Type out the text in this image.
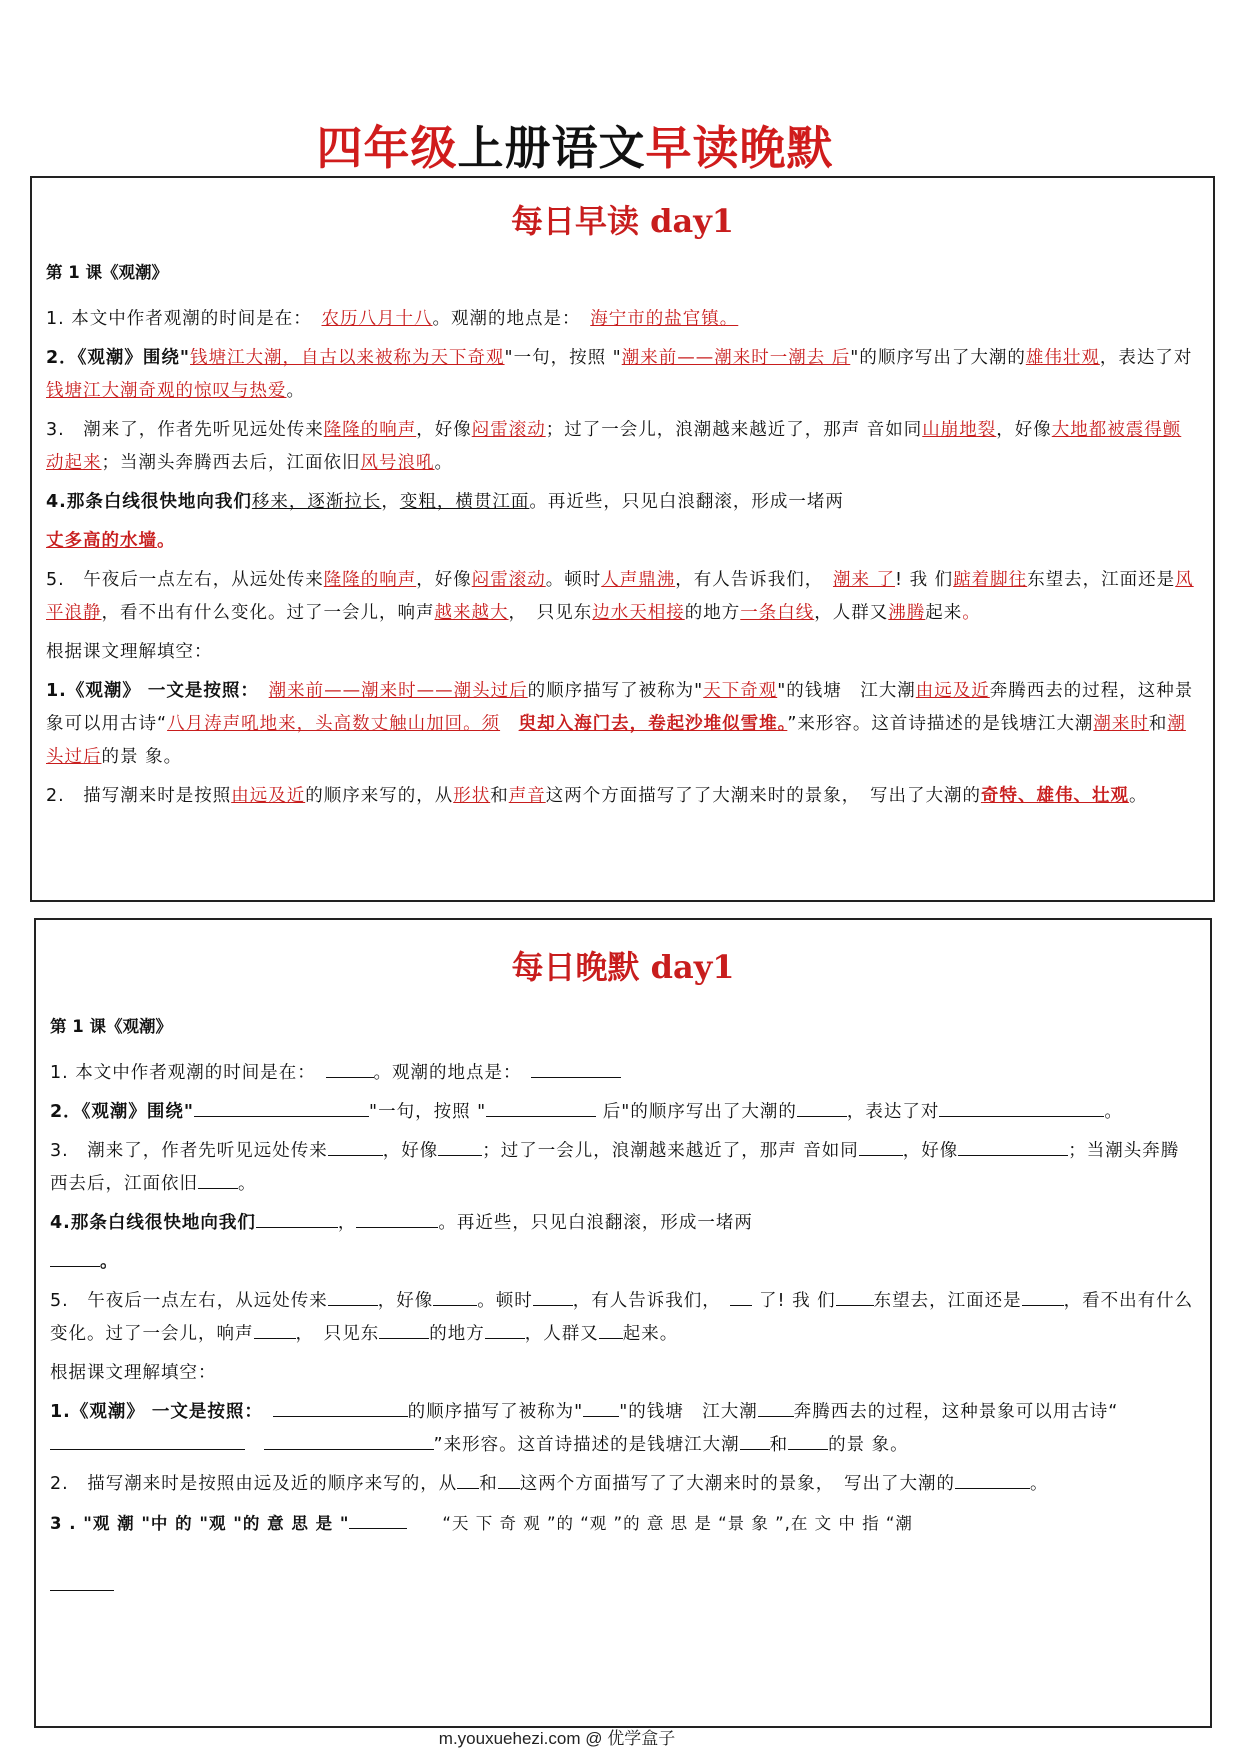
四年级上册语文早读晚默
每日早读 day1
第 1 课《观潮》
1. 本文中作者观潮的时间是在：　 农历八月十八。观潮的地点是：　 海宁市的盐官镇。
2．《观潮》围绕"钱塘江大潮，自古以来被称为天下奇观"一句，按照 "潮来前——潮来时一潮去 后"的顺序写出了大潮的雄伟壮观，表达了对钱塘江大潮奇观的惊叹与热爱。
3.　潮来了，作者先听见远处传来隆隆的响声，好像闷雷滚动；过了一会儿，浪潮越来越近了，那声 音如同山崩地裂，好像大地都被震得颤动起来；当潮头奔腾西去后，江面依旧风号浪吼。
4.那条白线很快地向我们移来，逐渐拉长，变粗，横贯江面。再近些，只见白浪翻滚，形成一堵两
丈多高的水墙。
5.　午夜后一点左右，从远处传来隆隆的响声，好像闷雷滚动。顿时人声鼎沸，有人告诉我们，　潮来 了! 我 们踮着脚往东望去，江面还是风平浪静，看不出有什么变化。过了一会儿，响声越来越大，　只见东边水天相接的地方一条白线，人群又沸腾起来。
根据课文理解填空：
1.《观潮》 一文是按照：　 潮来前——潮来时——潮头过后的顺序描写了被称为"天下奇观"的钱塘　江大潮由远及近奔腾西去的过程，这种景象可以用古诗“八月涛声吼地来，头高数丈触山加回。须　 臾却入海门去，卷起沙堆似雪堆。”来形容。这首诗描述的是钱塘江大潮潮来时和潮头过后的景 象。
2.　描写潮来时是按照由远及近的顺序来写的，从形状和声音这两个方面描写了了大潮来时的景象，　写出了大潮的奇特、雄伟、壮观。
每日晚默 day1
第 1 课《观潮》
1. 本文中作者观潮的时间是在：　	。观潮的地点是：　
2．《观潮》围绕"	"一句，按照 "	后"的顺序写出了大潮的	，表达了对	。
3.　潮来了，作者先听见远处传来	，好像	；过了一会儿，浪潮越来越近了，那声 音如同	，好像	；当潮头奔腾西去后，江面依旧 。
4.那条白线很快地向我们	，	。再近些，只见白浪翻滚，形成一堵两
。
5.　午夜后一点左右，从远处传来	，好像	。顿时 ，有人告诉我们，　 了! 我 们 东望去，江面还是 ，看不出有什么变化。过了一会儿，响声 ，　只见东	的地方 ，人群又 起来。
根据课文理解填空：
1.《观潮》 一文是按照：　	的顺序描写了被称为" "的钱塘　江大潮 奔腾西去的过程，这种景象可以用古诗“　”来形容。这首诗描述的是钱塘江大潮 和 的景 象。
2.　描写潮来时是按照由远及近的顺序来写的，从 和 这两个方面描写了了大潮来时的景象，　写出了大潮的	。
3 . "观 潮 "中 的 "观 "的 意 思 是 "　　	“天 下 奇 观 ”的 “观 ”的 意 思 是 “景 象 ”,在 文 中 指 “潮
m.youxuehezi.com @ 优学盒子
